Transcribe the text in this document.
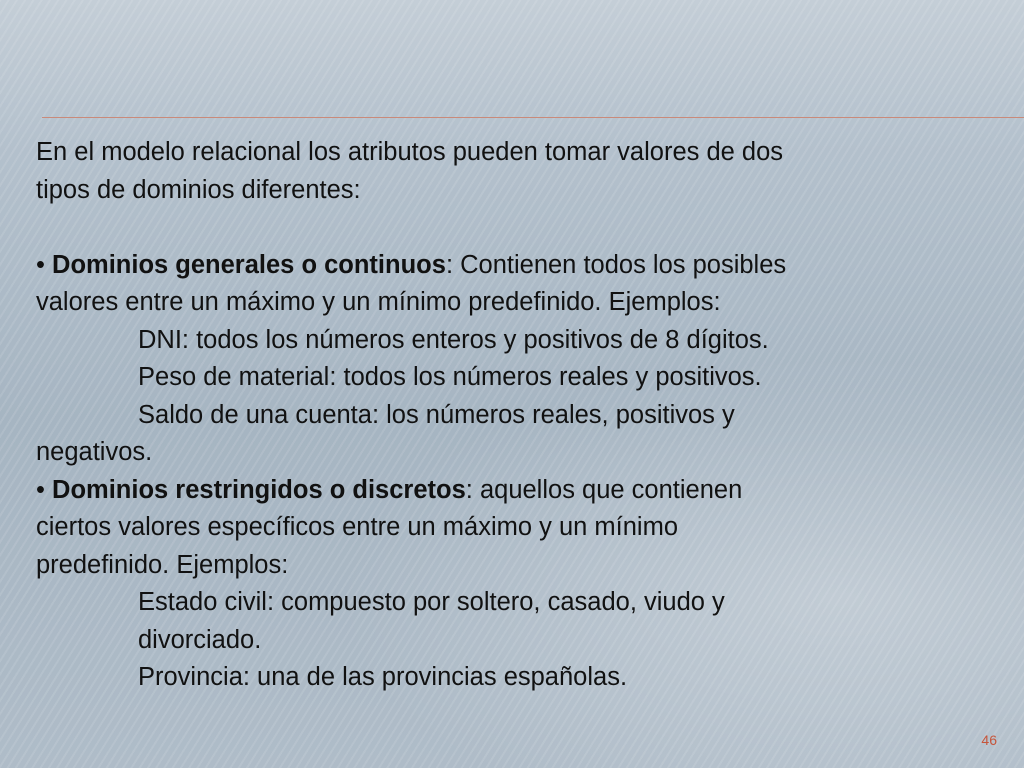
En el modelo relacional los atributos pueden tomar valores de dos
tipos de dominios diferentes:
• Dominios generales o continuos: Contienen todos los posibles
valores entre un máximo y un mínimo predefinido. Ejemplos:
DNI: todos los números enteros y positivos de 8 dígitos.
Peso de material: todos los números reales y positivos.
Saldo de una cuenta: los números reales, positivos y
negativos.
• Dominios restringidos o discretos: aquellos que contienen
ciertos valores específicos entre un máximo y un mínimo
predefinido. Ejemplos:
Estado civil: compuesto por soltero, casado, viudo y
divorciado.
Provincia: una de las provincias españolas.
46
